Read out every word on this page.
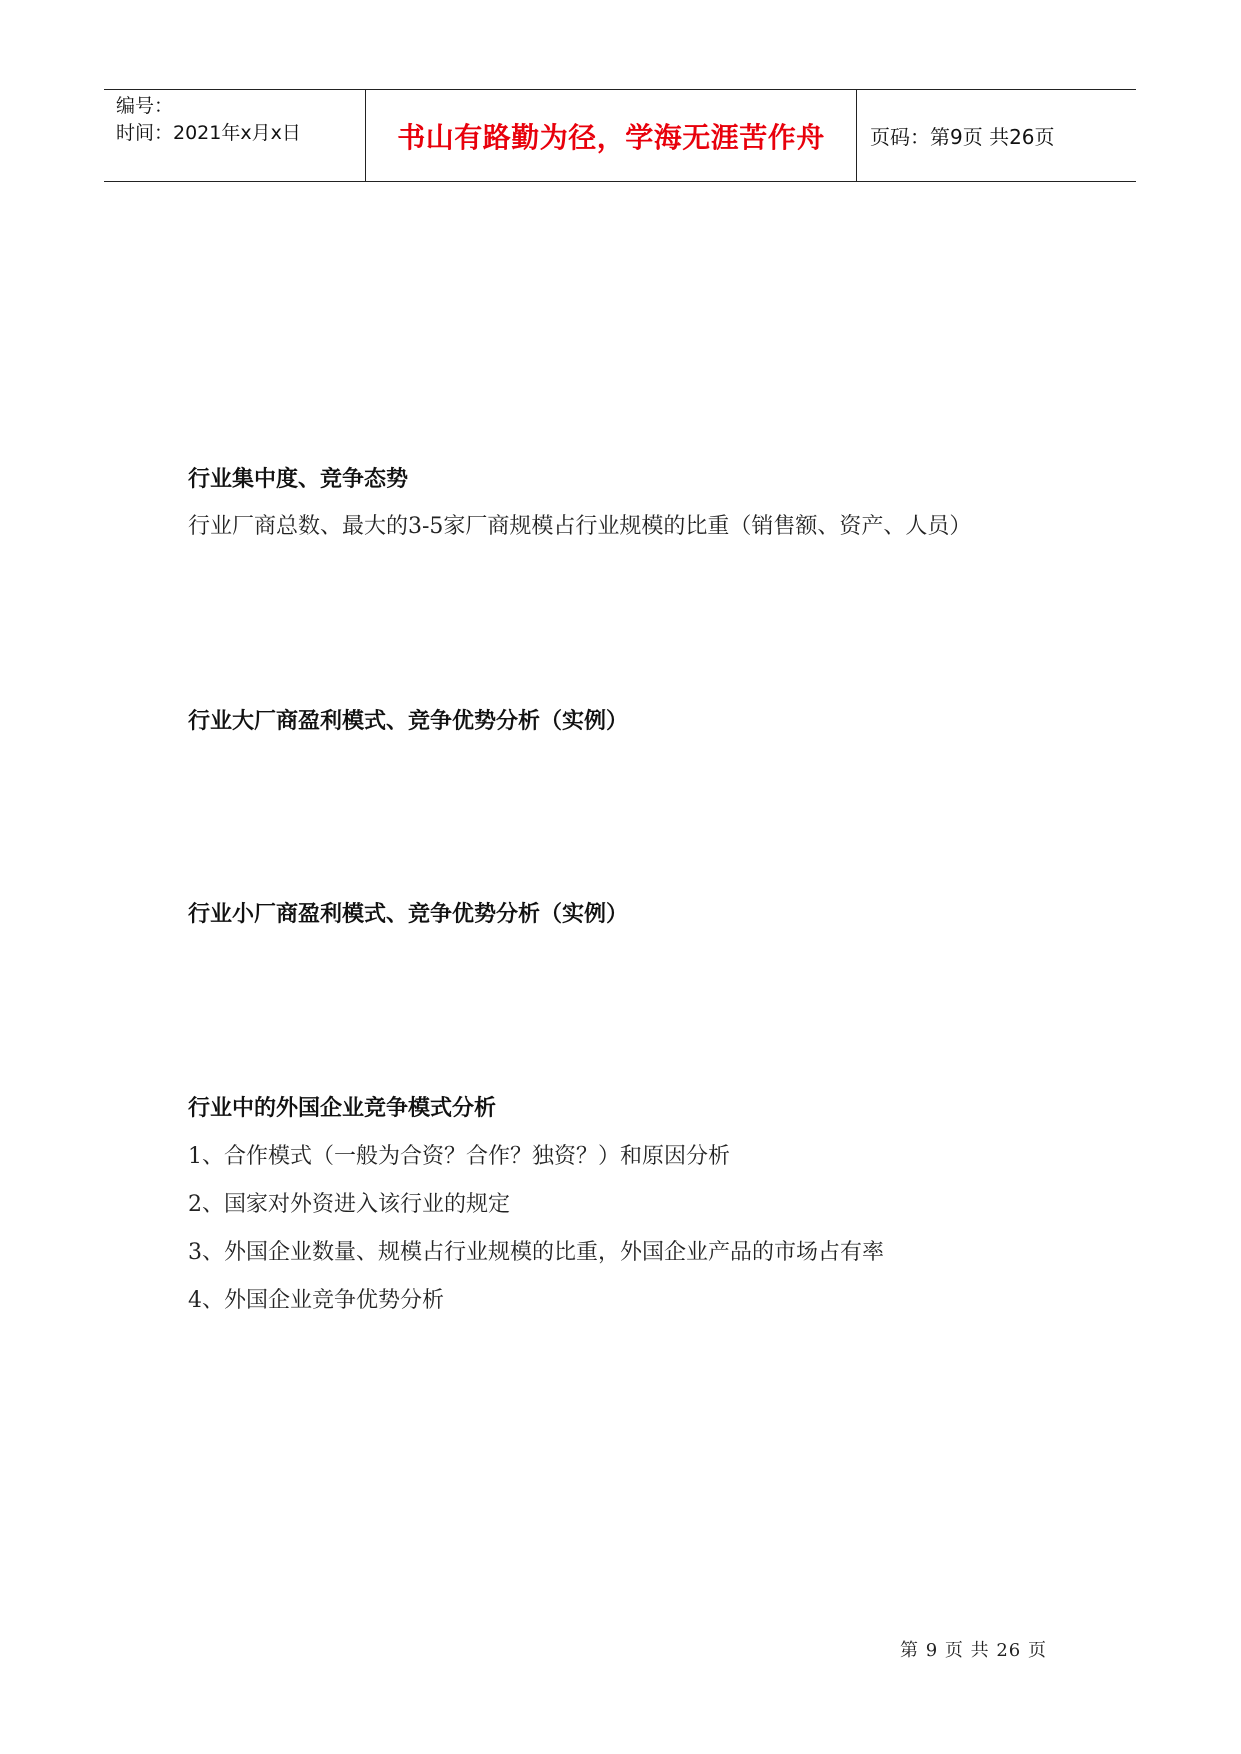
编号：
时间：2021年x月x日	书山有路勤为径，学海无涯苦作舟	页码：第9页 共26页
行业集中度、竞争态势
行业厂商总数、最大的3-5家厂商规模占行业规模的比重（销售额、资产、人员）
行业大厂商盈利模式、竞争优势分析（实例）
行业小厂商盈利模式、竞争优势分析（实例）
行业中的外国企业竞争模式分析
1、合作模式（一般为合资？合作？独资？）和原因分析
2、国家对外资进入该行业的规定
3、外国企业数量、规模占行业规模的比重，外国企业产品的市场占有率
4、外国企业竞争优势分析
第 9 页 共 26 页
